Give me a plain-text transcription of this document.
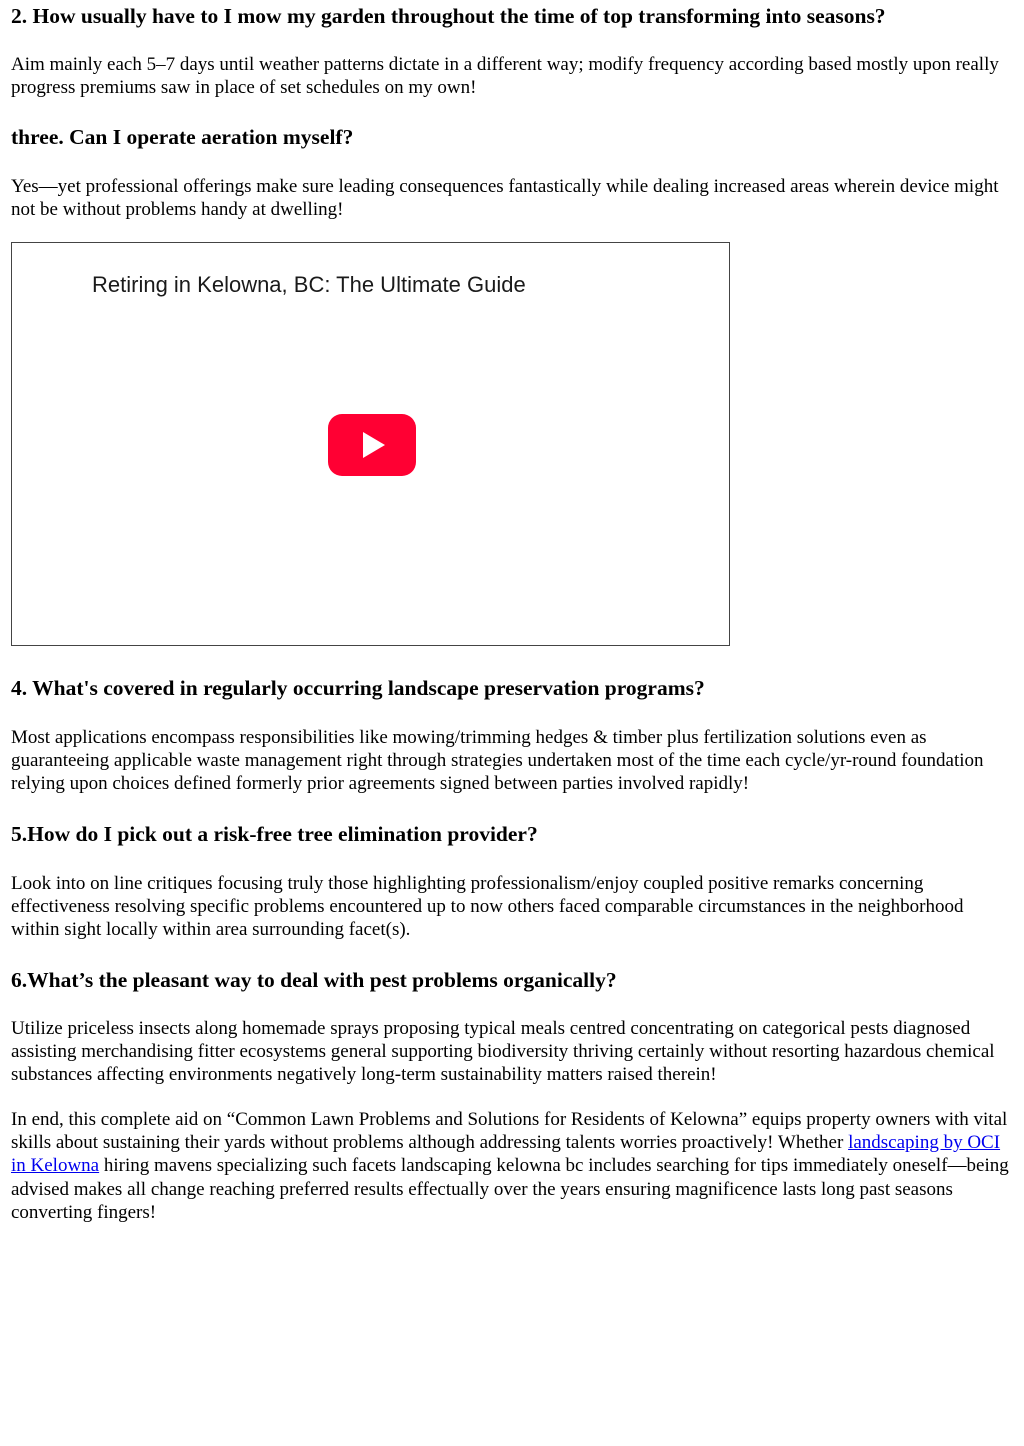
2. How usually have to I mow my garden throughout the time of top transforming into seasons?

Aim mainly each 5–7 days until weather patterns dictate in a different way; modify frequency according based mostly upon really progress premiums saw in place of set schedules on my own!

three. Can I operate aeration myself?

Yes—yet professional offerings make sure leading consequences fantastically while dealing increased areas wherein device might not be without problems handy at dwelling!

4. What's covered in regularly occurring landscape preservation programs?

Most applications encompass responsibilities like mowing/trimming hedges & timber plus fertilization solutions even as guaranteeing applicable waste management right through strategies undertaken most of the time each cycle/yr-round foundation relying upon choices defined formerly prior agreements signed between parties involved rapidly!

5.How do I pick out a risk-free tree elimination provider?

Look into on line critiques focusing truly those highlighting professionalism/enjoy coupled positive remarks concerning effectiveness resolving specific problems encountered up to now others faced comparable circumstances in the neighborhood within sight locally within area surrounding facet(s).

6.What’s the pleasant way to deal with pest problems organically?

Utilize priceless insects along homemade sprays proposing typical meals centred concentrating on categorical pests diagnosed assisting merchandising fitter ecosystems general supporting biodiversity thriving certainly without resorting hazardous chemical substances affecting environments negatively long-term sustainability matters raised therein!

In end, this complete aid on “Common Lawn Problems and Solutions for Residents of Kelowna” equips property owners with vital skills about sustaining their yards without problems although addressing talents worries proactively! Whether landscaping by OCI in Kelowna hiring mavens specializing such facets landscaping kelowna bc includes searching for tips immediately oneself—being advised makes all change reaching preferred results effectually over the years ensuring magnificence lasts long past seasons converting fingers!

Retiring in Kelowna, BC: The Ultimate Guide
